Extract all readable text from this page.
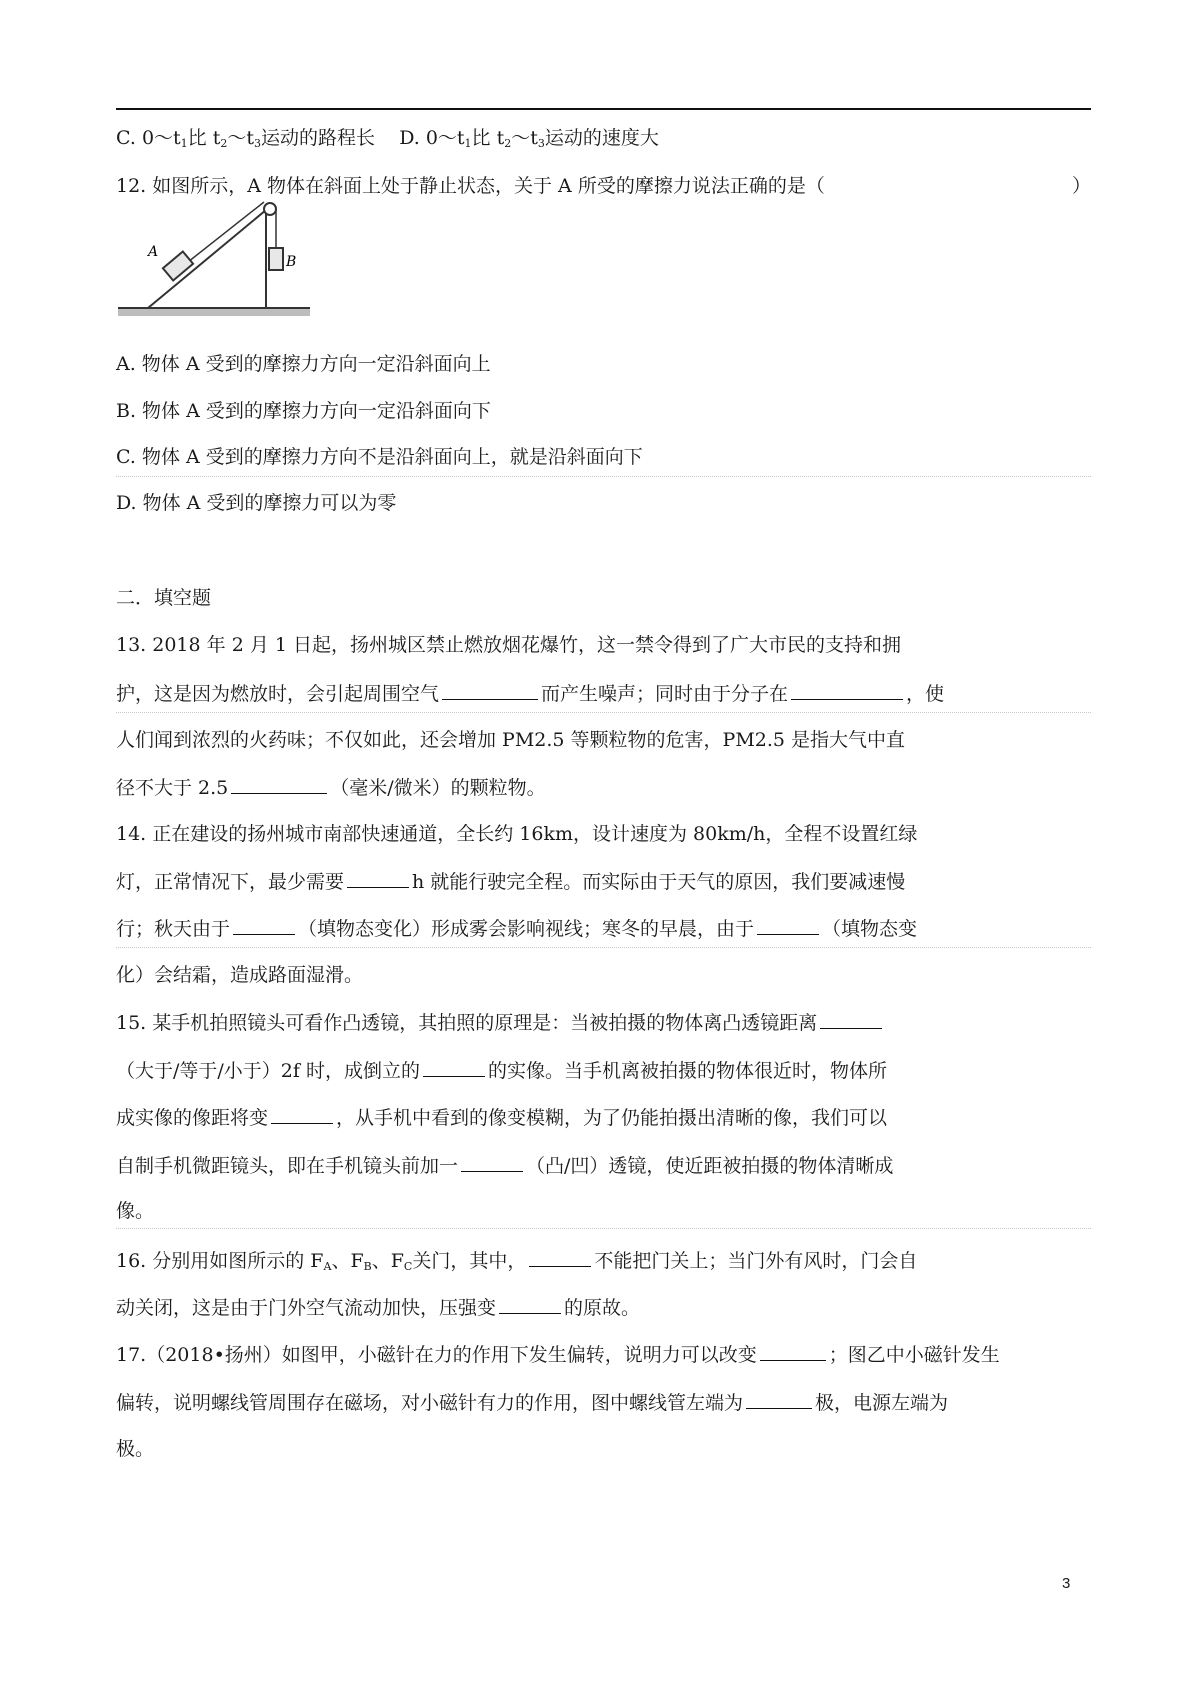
C. $0\sim t_1$比 $t_2\sim t_3$运动的路程长 D. $0\sim t_1$比 $t_2\sim t_3$运动的速度大
12. 如图所示，A 物体在斜面上处于静止状态，关于 A 所受的摩擦力说法正确的是（	）
A
B
A. 物体 A 受到的摩擦力方向一定沿斜面向上
B. 物体 A 受到的摩擦力方向一定沿斜面向下
C. 物体 A 受到的摩擦力方向不是沿斜面向上，就是沿斜面向下
D. 物体 A 受到的摩擦力可以为零
二．填空题
13. 2018 年 2 月 1 日起，扬州城区禁止燃放烟花爆竹，这一禁令得到了广大市民的支持和拥
护，这是因为燃放时，会引起周围空气	而产生噪声；同时由于分子在	，使
人们闻到浓烈的火药味；不仅如此，还会增加 PM2.5 等颗粒物的危害，PM2.5 是指大气中直
径不大于 2.5	（毫米/微米）的颗粒物。
14. 正在建设的扬州城市南部快速通道，全长约 16km，设计速度为 80km/h，全程不设置红绿
灯，正常情况下，最少需要	h 就能行驶完全程。而实际由于天气的原因，我们要减速慢
行；秋天由于	（填物态变化）形成雾会影响视线；寒冬的早晨，由于	（填物态变
化）会结霜，造成路面湿滑。
15. 某手机拍照镜头可看作凸透镜，其拍照的原理是：当被拍摄的物体离凸透镜距离
（大于/等于/小于）2f 时，成倒立的	的实像。当手机离被拍摄的物体很近时，物体所
成实像的像距将变	，从手机中看到的像变模糊，为了仍能拍摄出清晰的像，我们可以
自制手机微距镜头，即在手机镜头前加一	（凸/凹）透镜，使近距被拍摄的物体清晰成
像。
16. 分别用如图所示的 $F_A$、$F_B$、$F_C$关门，其中，	不能把门关上；当门外有风时，门会自
动关闭，这是由于门外空气流动加快，压强变	的原故。
17.（2018•扬州）如图甲，小磁针在力的作用下发生偏转，说明力可以改变	；图乙中小磁针发生
偏转，说明螺线管周围存在磁场，对小磁针有力的作用，图中螺线管左端为	极，电源左端为
极。
3
